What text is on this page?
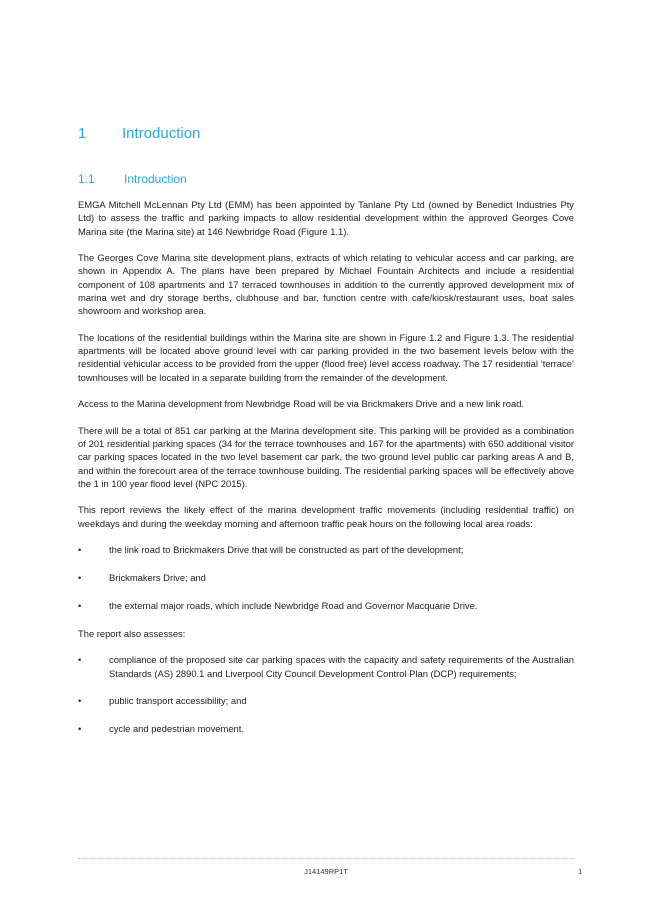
1 Introduction
1.1 Introduction

EMGA Mitchell McLennan Pty Ltd (EMM) has been appointed by Tanlane Pty Ltd (owned by Benedict Industries Pty Ltd) to assess the traffic and parking impacts to allow residential development within the approved Georges Cove Marina site (the Marina site) at 146 Newbridge Road (Figure 1.1).

The Georges Cove Marina site development plans, extracts of which relating to vehicular access and car parking, are shown in Appendix A. The plans have been prepared by Michael Fountain Architects and include a residential component of 108 apartments and 17 terraced townhouses in addition to the currently approved development mix of marina wet and dry storage berths, clubhouse and bar, function centre with cafe/kiosk/restaurant uses, boat sales showroom and workshop area.

The locations of the residential buildings within the Marina site are shown in Figure 1.2 and Figure 1.3. The residential apartments will be located above ground level with car parking provided in the two basement levels below with the residential vehicular access to be provided from the upper (flood free) level access roadway. The 17 residential ‘terrace’ townhouses will be located in a separate building from the remainder of the development.

Access to the Marina development from Newbridge Road will be via Brickmakers Drive and a new link road.

There will be a total of 851 car parking at the Marina development site. This parking will be provided as a combination of 201 residential parking spaces (34 for the terrace townhouses and 167 for the apartments) with 650 additional visitor car parking spaces located in the two level basement car park, the two ground level public car parking areas A and B, and within the forecourt area of the terrace townhouse building. The residential parking spaces will be effectively above the 1 in 100 year flood level (NPC 2015).

This report reviews the likely effect of the marina development traffic movements (including residential traffic) on weekdays and during the weekday morning and afternoon traffic peak hours on the following local area roads:

•	the link road to Brickmakers Drive that will be constructed as part of the development;
•	Brickmakers Drive; and
•	the external major roads, which include Newbridge Road and Governor Macquarie Drive.

The report also assesses:

•	compliance of the proposed site car parking spaces with the capacity and safety requirements of the Australian Standards (AS) 2890.1 and Liverpool City Council Development Control Plan (DCP) requirements;
•	public transport accessibility; and
•	cycle and pedestrian movement.
J14149RP1T	1
